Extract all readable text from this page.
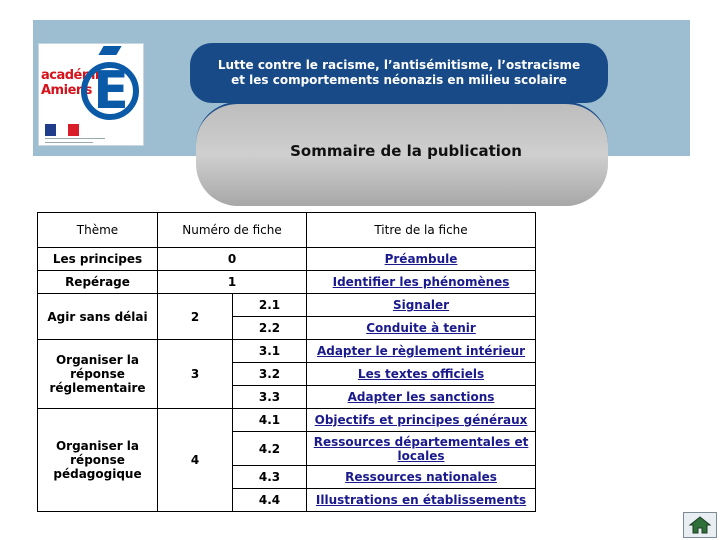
académie
Amiens E
Sommaire de la publication
Lutte contre le racisme, l’antisémitisme, l’ostracisme
et les comportements néonazis en milieu scolaire
Thème	Numéro de fiche		Titre de la fiche
Les principes	0		Préambule
Repérage	1		Identifier les phénomènes
Agir sans délai	2	2.1	Signaler
		2.2	Conduite à tenir
Organiser la réponse réglementaire	3	3.1	Adapter le règlement intérieur
		3.2	Les textes officiels
		3.3	Adapter les sanctions
Organiser la réponse pédagogique	4	4.1	Objectifs et principes généraux
		4.2	Ressources départementales et locales
		4.3	Ressources nationales
		4.4	Illustrations en établissements
